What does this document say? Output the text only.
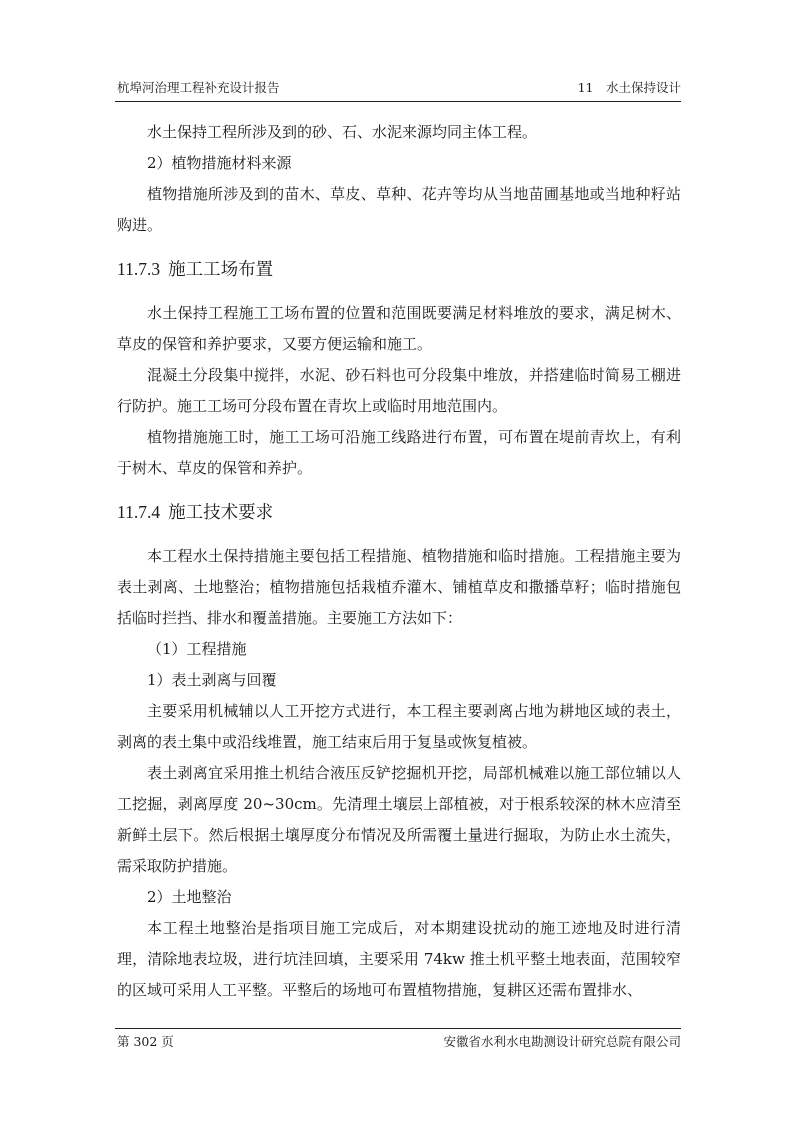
杭埠河治理工程补充设计报告	11　水土保持设计

水土保持工程所涉及到的砂、石、水泥来源均同主体工程。

2）植物措施材料来源

植物措施所涉及到的苗木、草皮、草种、花卉等均从当地苗圃基地或当地种籽站购进。

11.7.3 施工工场布置

水土保持工程施工工场布置的位置和范围既要满足材料堆放的要求，满足树木、草皮的保管和养护要求，又要方便运输和施工。

混凝土分段集中搅拌，水泥、砂石料也可分段集中堆放，并搭建临时简易工棚进行防护。施工工场可分段布置在青坎上或临时用地范围内。

植物措施施工时，施工工场可沿施工线路进行布置，可布置在堤前青坎上，有利于树木、草皮的保管和养护。

11.7.4 施工技术要求

本工程水土保持措施主要包括工程措施、植物措施和临时措施。工程措施主要为表土剥离、土地整治；植物措施包括栽植乔灌木、铺植草皮和撒播草籽；临时措施包括临时拦挡、排水和覆盖措施。主要施工方法如下：

（1）工程措施

1）表土剥离与回覆

主要采用机械辅以人工开挖方式进行，本工程主要剥离占地为耕地区域的表土，剥离的表土集中或沿线堆置，施工结束后用于复垦或恢复植被。

表土剥离宜采用推土机结合液压反铲挖掘机开挖，局部机械难以施工部位辅以人工挖掘，剥离厚度 20~30cm。先清理土壤层上部植被，对于根系较深的林木应清至新鲜土层下。然后根据土壤厚度分布情况及所需覆土量进行掘取，为防止水土流失，需采取防护措施。

2）土地整治

本工程土地整治是指项目施工完成后，对本期建设扰动的施工迹地及时进行清理，清除地表垃圾，进行坑洼回填，主要采用 74kw 推土机平整土地表面，范围较窄的区域可采用人工平整。平整后的场地可布置植物措施，复耕区还需布置排水、

第 302 页	安徽省水利水电勘测设计研究总院有限公司
